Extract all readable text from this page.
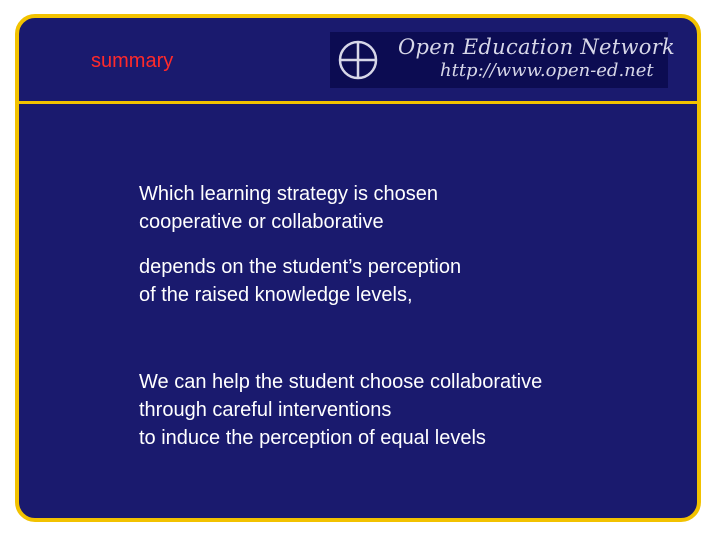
summary
Open Education Network
http://www.open-ed.net
Which learning strategy is chosen
cooperative or collaborative
depends on the student’s perception
of the raised knowledge levels,
We can help the student choose collaborative
through careful interventions
to induce the perception of equal levels
